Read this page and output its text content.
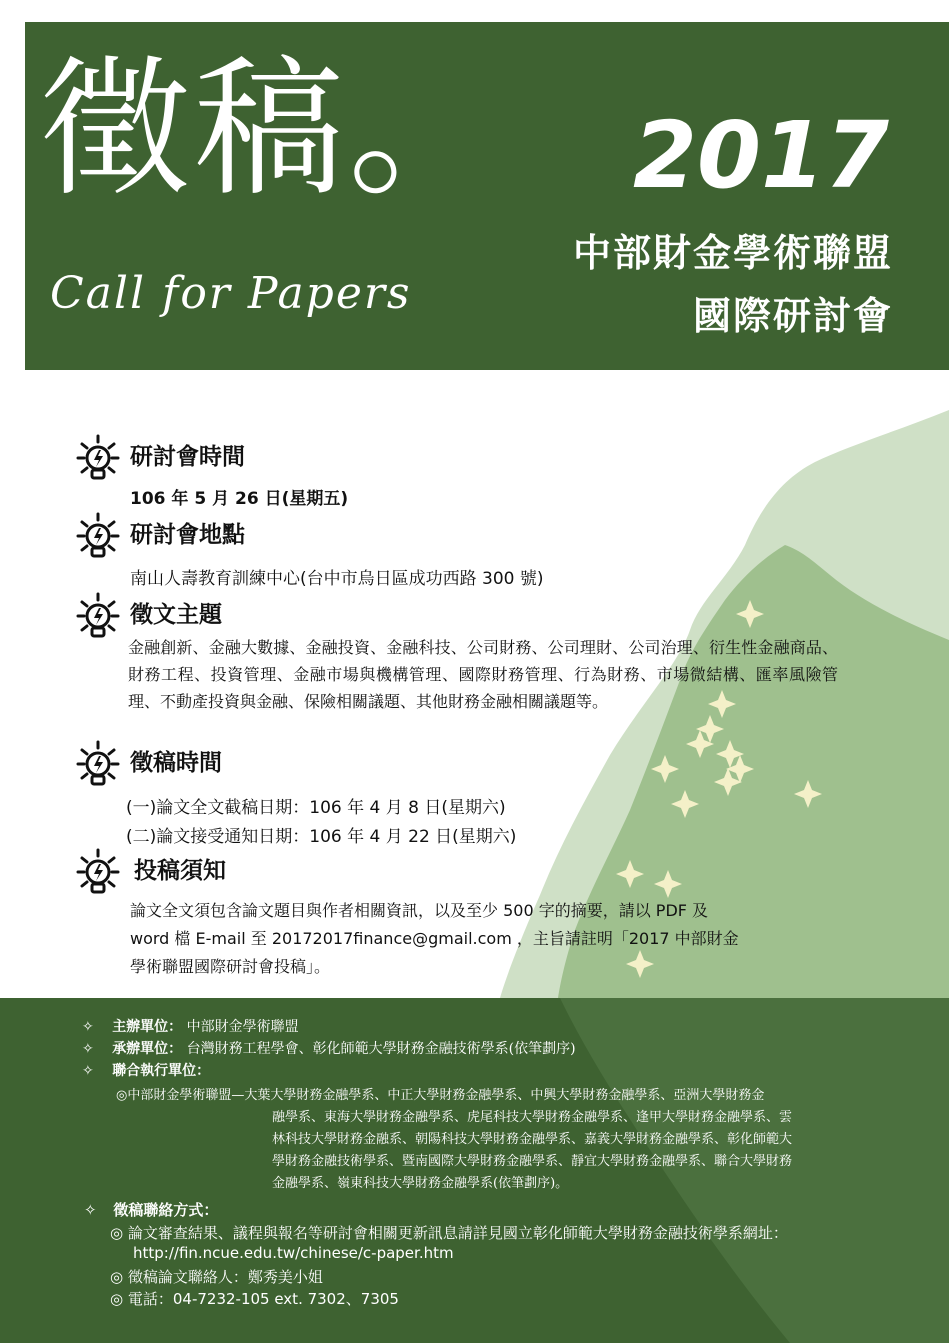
徵稿。
Call for Papers
2017
中部財金學術聯盟
國際研討會
研討會時間
106 年 5 月 26 日(星期五)
研討會地點
南山人壽教育訓練中心(台中市烏日區成功西路 300 號)
徵文主題
金融創新、金融大數據、金融投資、金融科技、公司財務、公司理財、公司治理、衍生性金融商品、財務工程、投資管理、金融市場與機構管理、國際財務管理、行為財務、市場微結構、匯率風險管理、不動產投資與金融、保險相關議題、其他財務金融相關議題等。
徵稿時間
(一)論文全文截稿日期：106 年 4 月 8 日(星期六)
(二)論文接受通知日期：106 年 4 月 22 日(星期六)
投稿須知
論文全文須包含論文題目與作者相關資訊，以及至少 500 字的摘要，請以 PDF 及
word 檔 E-mail 至 20172017finance@gmail.com ，主旨請註明「2017 中部財金
學術聯盟國際研討會投稿」。
✧ 主辦單位： 中部財金學術聯盟
✧ 承辦單位： 台灣財務工程學會、彰化師範大學財務金融技術學系(依筆劃序)
✧ 聯合執行單位：
◎中部財金學術聯盟—大葉大學財務金融學系、中正大學財務金融學系、中興大學財務金融學系、亞洲大學財務金
融學系、東海大學財務金融學系、虎尾科技大學財務金融學系、逢甲大學財務金融學系、雲
林科技大學財務金融系、朝陽科技大學財務金融學系、嘉義大學財務金融學系、彰化師範大
學財務金融技術學系、暨南國際大學財務金融學系、靜宜大學財務金融學系、聯合大學財務
金融學系、嶺東科技大學財務金融學系(依筆劃序)。
✧ 徵稿聯絡方式：
◎ 論文審查結果、議程與報名等研討會相關更新訊息請詳見國立彰化師範大學財務金融技術學系網址：
http://fin.ncue.edu.tw/chinese/c-paper.htm
◎ 徵稿論文聯絡人：鄭秀美小姐
◎ 電話：04-7232-105 ext. 7302、7305
